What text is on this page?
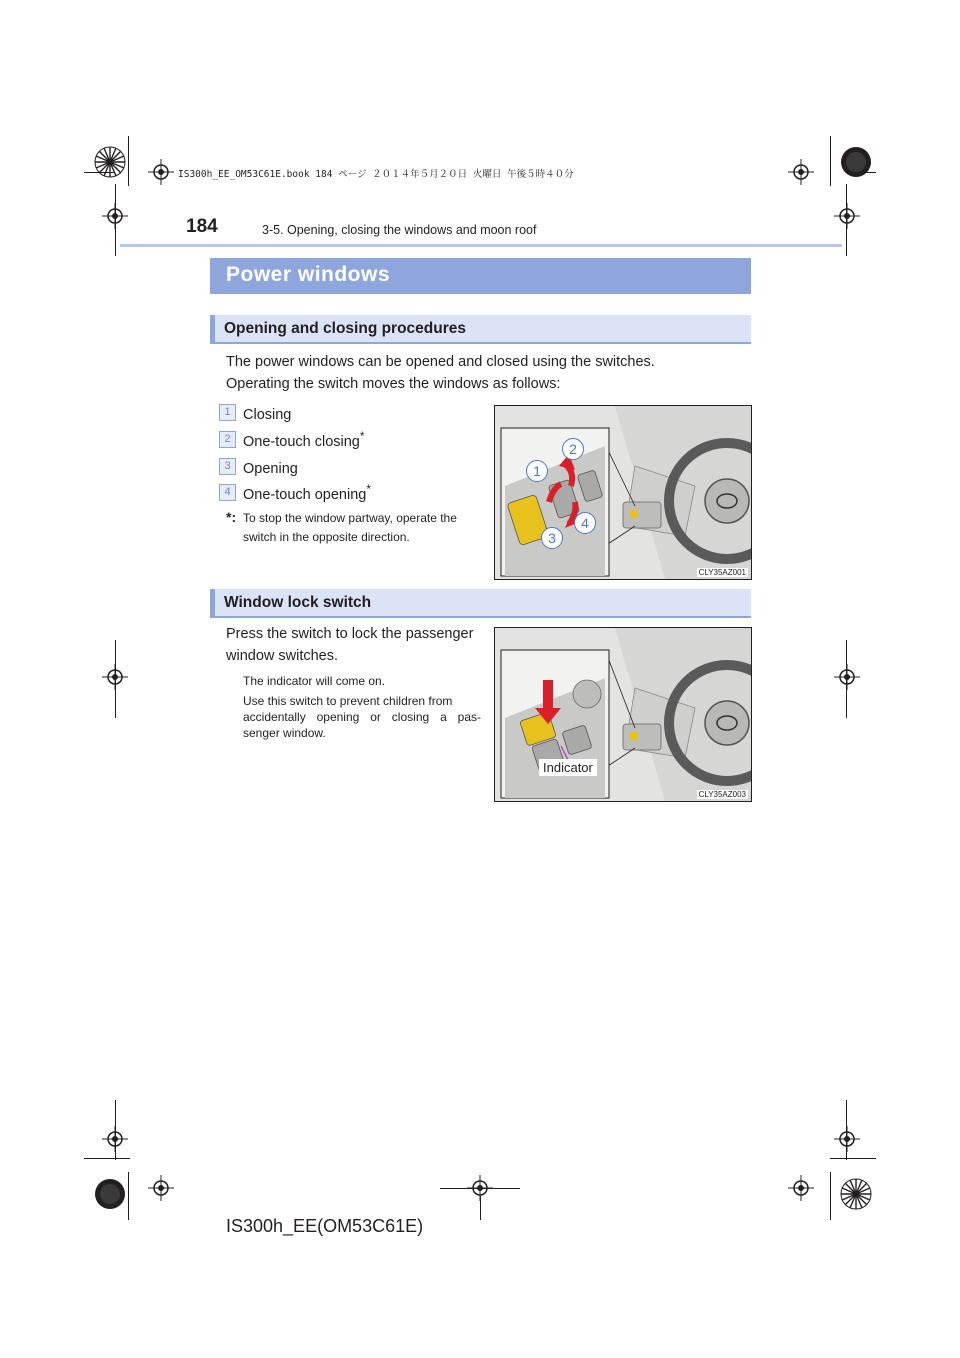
IS300h_EE_OM53C61E.book 184 ページ ２０１４年５月２０日 火曜日 午後５時４０分
184	3-5. Opening, closing the windows and moon roof
Power windows
Opening and closing procedures
The power windows can be opened and closed using the switches.
Operating the switch moves the windows as follows:
1 Closing
2 One-touch closing*
3 Opening
4 One-touch opening*
*: To stop the window partway, operate the
switch in the opposite direction.
1
2
3
4
CLY35AZ001
Window lock switch
Press the switch to lock the passenger
window switches.
The indicator will come on.
Use this switch to prevent children from
accidentally opening or closing a pas-
senger window.
Indicator
CLY35AZ003
IS300h_EE(OM53C61E)
